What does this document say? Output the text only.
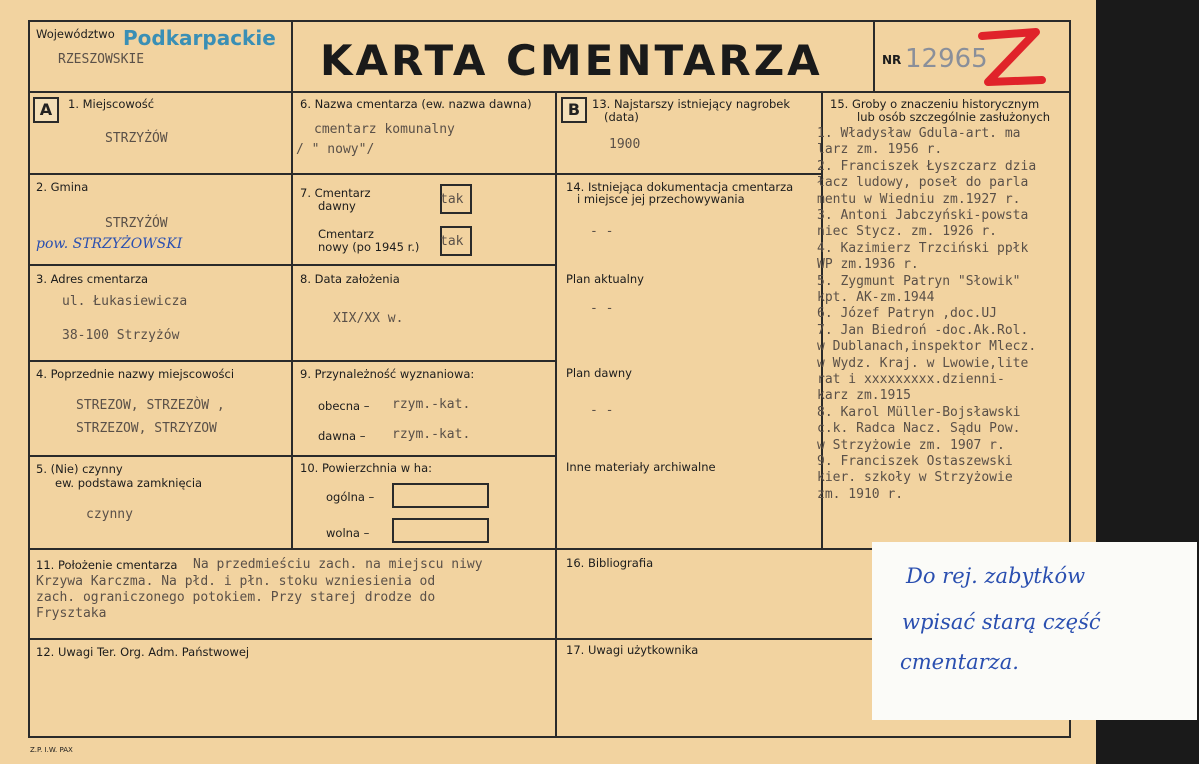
Województwo Podkarpackie
RZESZOWSKIE	KARTA CMENTARZA	NR 12965
A	B
1. Miejscowość
STRZYŻÓW
2. Gmina
STRZYŻÓW
pow. STRZYŻOWSKI
3. Adres cmentarza
ul. Łukasiewicza
38-100 Strzyżów
4. Poprzednie nazwy miejscowości
STREZOW, STRZEZÒW ,
STRZEZOW, STRZYZOW
5. (Nie) czynny
ew. podstawa zamknięcia
czynny
6. Nazwa cmentarza (ew. nazwa dawna)
cmentarz komunalny
/ " nowy"/
7. Cmentarz
dawny	tak
Cmentarz
nowy (po 1945 r.) tak
8. Data założenia
XIX/XX w.
9. Przynależność wyznaniowa:
obecna – rzym.-kat.
dawna – rzym.-kat.
10. Powierzchnia w ha:
ogólna –
wolna –
13. Najstarszy istniejący nagrobek
(data)
1900
14. Istniejąca dokumentacja cmentarza
i miejsce jej przechowywania
- -
Plan aktualny
- -
Plan dawny
- -
Inne materiały archiwalne
15. Groby o znaczeniu historycznym
lub osób szczególnie zasłużonych
1. Władysław Gdula-art. ma
larz zm. 1956 r.
2. Franciszek Łyszczarz dzia
łacz ludowy, poseł do parla
mentu w Wiedniu zm.1927 r.
3. Antoni Jabczyński-powsta
niec Stycz. zm. 1926 r.
4. Kazimierz Trzciński ppłk
WP zm.1936 r.
5. Zygmunt Patryn "Słowik"
kpt. AK-zm.1944
6. Józef Patryn ,doc.UJ
7. Jan Biedroń -doc.Ak.Rol.
w Dublanach,inspektor Mlecz.
w Wydz. Kraj. w Lwowie,lite
rat i xxxxxxxxx.dzienni-
karz zm.1915
8. Karol Müller-Bojsławski
c.k. Radca Nacz. Sądu Pow.
w Strzyżowie zm. 1907 r.
9. Franciszek Ostaszewski
kier. szkoły w Strzyżowie
zm. 1910 r.
11. Położenie cmentarza Na przedmieściu zach. na miejscu niwy
Krzywa Karczma. Na płd. i płn. stoku wzniesienia od
zach. ograniczonego potokiem. Przy starej drodze do
Frysztaka
16. Bibliografia
12. Uwagi Ter. Org. Adm. Państwowej	17. Uwagi użytkownika
Z.P. I.W. PAX
Do rej. zabytków
wpisać starą część
cmentarza.
